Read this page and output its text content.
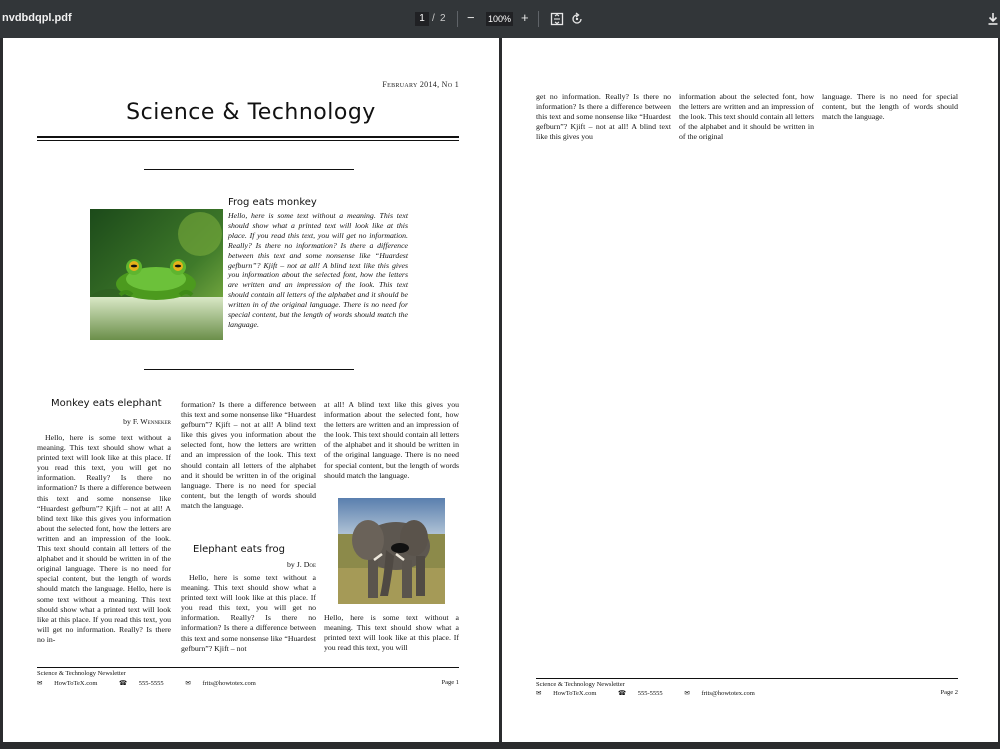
nvdbdqpl.pdf	1 / 2 − 100% +
February 2014, No 1
Science & Technology
Frog eats monkey
Hello, here is some text without a meaning. This text should show what a printed text will look like at this place. If you read this text, you will get no information. Really? Is there no information? Is there a difference between this text and some nonsense like “Huardest gefburn”? Kjift – not at all! A blind text like this gives you information about the selected font, how the letters are written and an impression of the look. This text should contain all letters of the alphabet and it should be written in of the original language. There is no need for special content, but the length of words should match the language.
Monkey eats elephant
by F. Wenneker
Hello, here is some text without a meaning. This text should show what a printed text will look like at this place. If you read this text, you will get no information. Really? Is there no information? Is there a difference between this text and some nonsense like “Huardest gefburn”? Kjift – not at all! A blind text like this gives you information about the selected font, how the letters are written and an impression of the look. This text should contain all letters of the alphabet and it should be written in of the original language. There is no need for special content, but the length of words should match the language. Hello, here is some text without a meaning. This text should show what a printed text will look like at this place. If you read this text, you will get no information. Really? Is there no in-
formation? Is there a difference between this text and some nonsense like “Huardest gefburn”? Kjift – not at all! A blind text like this gives you information about the selected font, how the letters are written and an impression of the look. This text should contain all letters of the alphabet and it should be written in of the original language. There is no need for special content, but the length of words should match the language.
Elephant eats frog
by J. Doe
Hello, here is some text without a meaning. This text should show what a printed text will look like at this place. If you read this text, you will get no information. Really? Is there no information? Is there a difference between this text and some nonsense like “Huardest gefburn”? Kjift – not
at all! A blind text like this gives you information about the selected font, how the letters are written and an impression of the look. This text should contain all letters of the alphabet and it should be written in of the original language. There is no need for special content, but the length of words should match the language.
Hello, here is some text without a meaning. This text should show what a printed text will look like at this place. If you read this text, you will
Science & Technology Newsletter
✉ HowToTeX.com	☎ 555-5555	✉ frits@howtotex.com	Page 1
get no information. Really? Is there no information? Is there a difference between this text and some nonsense like “Huardest gefburn”? Kjift – not at all! A blind text like this gives you
information about the selected font, how the letters are written and an impression of the look. This text should contain all letters of the alphabet and it should be written in of the original
language. There is no need for special content, but the length of words should match the language.
Science & Technology Newsletter
✉ HowToTeX.com	☎ 555-5555	✉ frits@howtotex.com	Page 2
